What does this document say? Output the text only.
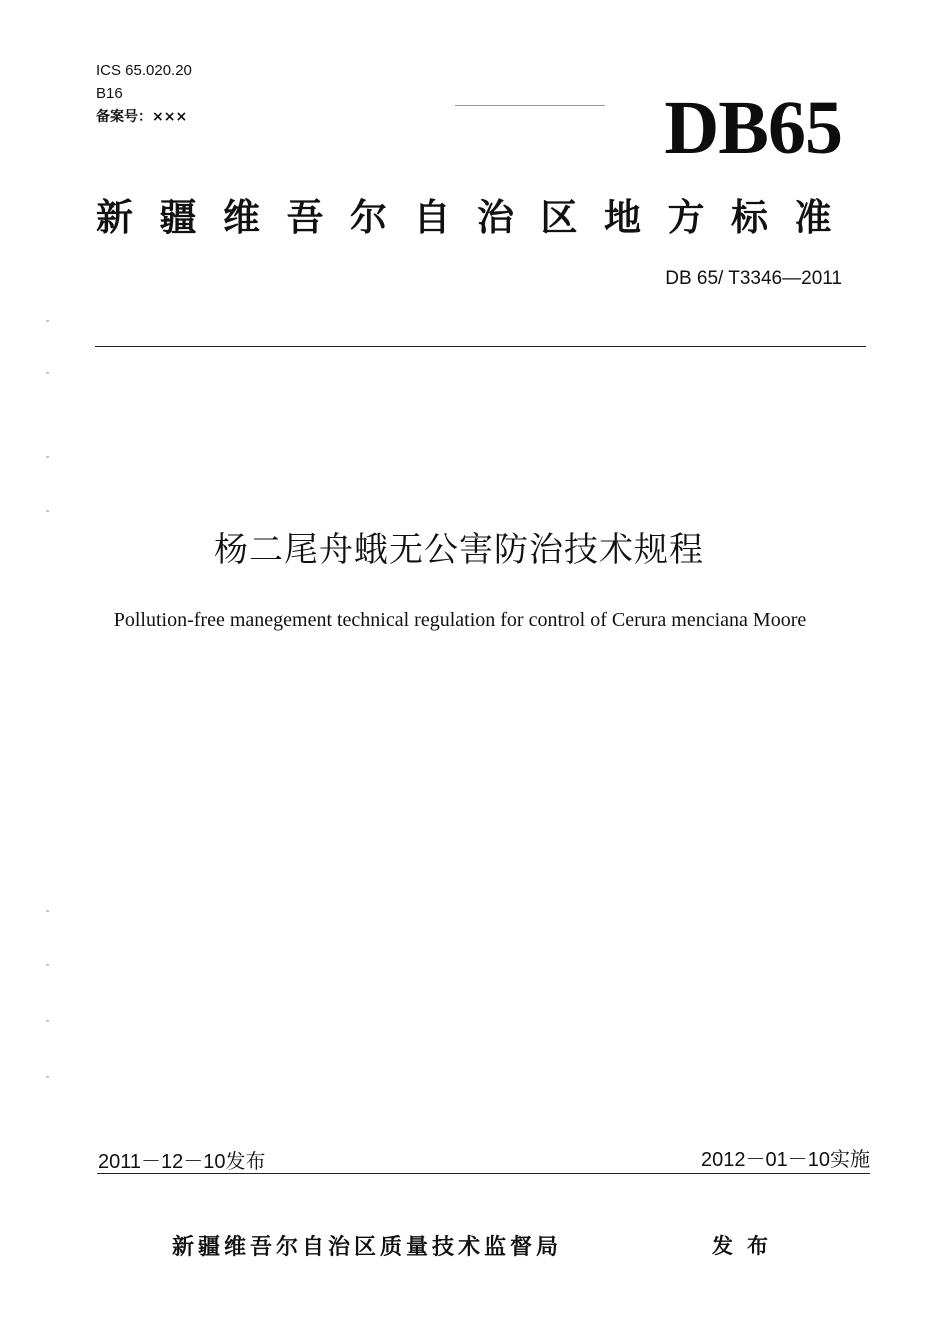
ICS 65.020.20
B16
备案号：×××	DB65
新疆维吾尔自治区地方标准
DB 65/ T3346—2011
杨二尾舟蛾无公害防治技术规程
Pollution-free manegement technical regulation for control of Cerura menciana Moore
2011－12－10发布	2012－01－10实施
新疆维吾尔自治区质量技术监督局	发布
